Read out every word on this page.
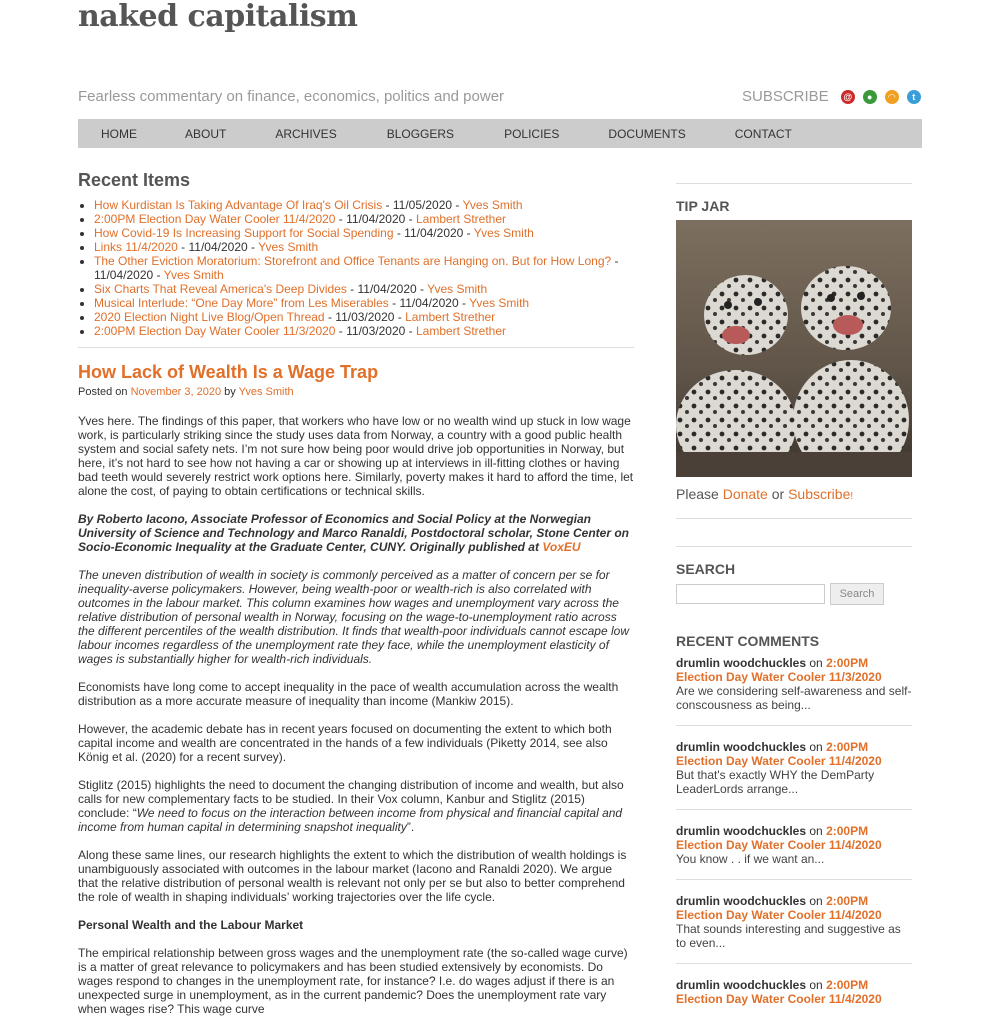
naked capitalism
Fearless commentary on finance, economics, politics and power	SUBSCRIBE @	●	◠	t
HOME	ABOUT	ARCHIVES	BLOGGERS	POLICIES	DOCUMENTS	CONTACT
Recent Items
• How Kurdistan Is Taking Advantage Of Iraq's Oil Crisis - 11/05/2020 - Yves Smith
• 2:00PM Election Day Water Cooler 11/4/2020 - 11/04/2020 - Lambert Strether
• How Covid-19 Is Increasing Support for Social Spending - 11/04/2020 - Yves Smith
• Links 11/4/2020 - 11/04/2020 - Yves Smith
• The Other Eviction Moratorium: Storefront and Office Tenants are Hanging on. But for How Long? - 11/04/2020 - Yves Smith
• Six Charts That Reveal America's Deep Divides - 11/04/2020 - Yves Smith
• Musical Interlude: “One Day More” from Les Miserables - 11/04/2020 - Yves Smith
• 2020 Election Night Live Blog/Open Thread - 11/03/2020 - Lambert Strether
• 2:00PM Election Day Water Cooler 11/3/2020 - 11/03/2020 - Lambert Strether
How Lack of Wealth Is a Wage Trap
Posted on November 3, 2020 by Yves Smith

Yves here. The findings of this paper, that workers who have low or no wealth wind up stuck in low wage work, is particularly striking since the study uses data from Norway, a country with a good public health system and social safety nets. I’m not sure how being poor would drive job opportunities in Norway, but here, it’s not hard to see how not having a car or showing up at interviews in ill-fitting clothes or having bad teeth would severely restrict work options here. Similarly, poverty makes it hard to afford the time, let alone the cost, of paying to obtain certifications or technical skills.

By Roberto Iacono, Associate Professor of Economics and Social Policy at the Norwegian University of Science and Technology and Marco Ranaldi, Postdoctoral scholar, Stone Center on Socio-Economic Inequality at the Graduate Center, CUNY. Originally published at VoxEU

The uneven distribution of wealth in society is commonly perceived as a matter of concern per se for inequality-averse policymakers. However, being wealth-poor or wealth-rich is also correlated with outcomes in the labour market. This column examines how wages and unemployment vary across the relative distribution of personal wealth in Norway, focusing on the wage-to-unemployment ratio across the different percentiles of the wealth distribution. It finds that wealth-poor individuals cannot escape low labour incomes regardless of the unemployment rate they face, while the unemployment elasticity of wages is substantially higher for wealth-rich individuals.

Economists have long come to accept inequality in the pace of wealth accumulation across the wealth distribution as a more accurate measure of inequality than income (Mankiw 2015).

However, the academic debate has in recent years focused on documenting the extent to which both capital income and wealth are concentrated in the hands of a few individuals (Piketty 2014, see also König et al. (2020) for a recent survey).

Stiglitz (2015) highlights the need to document the changing distribution of income and wealth, but also calls for new complementary facts to be studied. In their Vox column, Kanbur and Stiglitz (2015) conclude: “We need to focus on the interaction between income from physical and financial capital and income from human capital in determining snapshot inequality”.

Along these same lines, our research highlights the extent to which the distribution of wealth holdings is unambiguously associated with outcomes in the labour market (Iacono and Ranaldi 2020). We argue that the relative distribution of personal wealth is relevant not only per se but also to better comprehend the role of wealth in shaping individuals’ working trajectories over the life cycle.

Personal Wealth and the Labour Market

The empirical relationship between gross wages and the unemployment rate (the so-called wage curve) is a matter of great relevance to policymakers and has been studied extensively by economists. Do wages respond to changes in the unemployment rate, for instance? I.e. do wages adjust if there is an unexpected surge in unemployment, as in the current pandemic? Does the unemployment rate vary when wages rise? This wage curve

TIP JAR
Please Donate or Subscribe!
SEARCH
Search
RECENT COMMENTS
drumlin woodchuckles on 2:00PM Election Day Water Cooler 11/3/2020
Are we considering self-awareness and self-conscousness as being...
drumlin woodchuckles on 2:00PM Election Day Water Cooler 11/4/2020
But that's exactly WHY the DemParty LeaderLords arrange...
drumlin woodchuckles on 2:00PM Election Day Water Cooler 11/4/2020
You know . . if we want an...
drumlin woodchuckles on 2:00PM Election Day Water Cooler 11/4/2020
That sounds interesting and suggestive as to even...
drumlin woodchuckles on 2:00PM Election Day Water Cooler 11/4/2020
